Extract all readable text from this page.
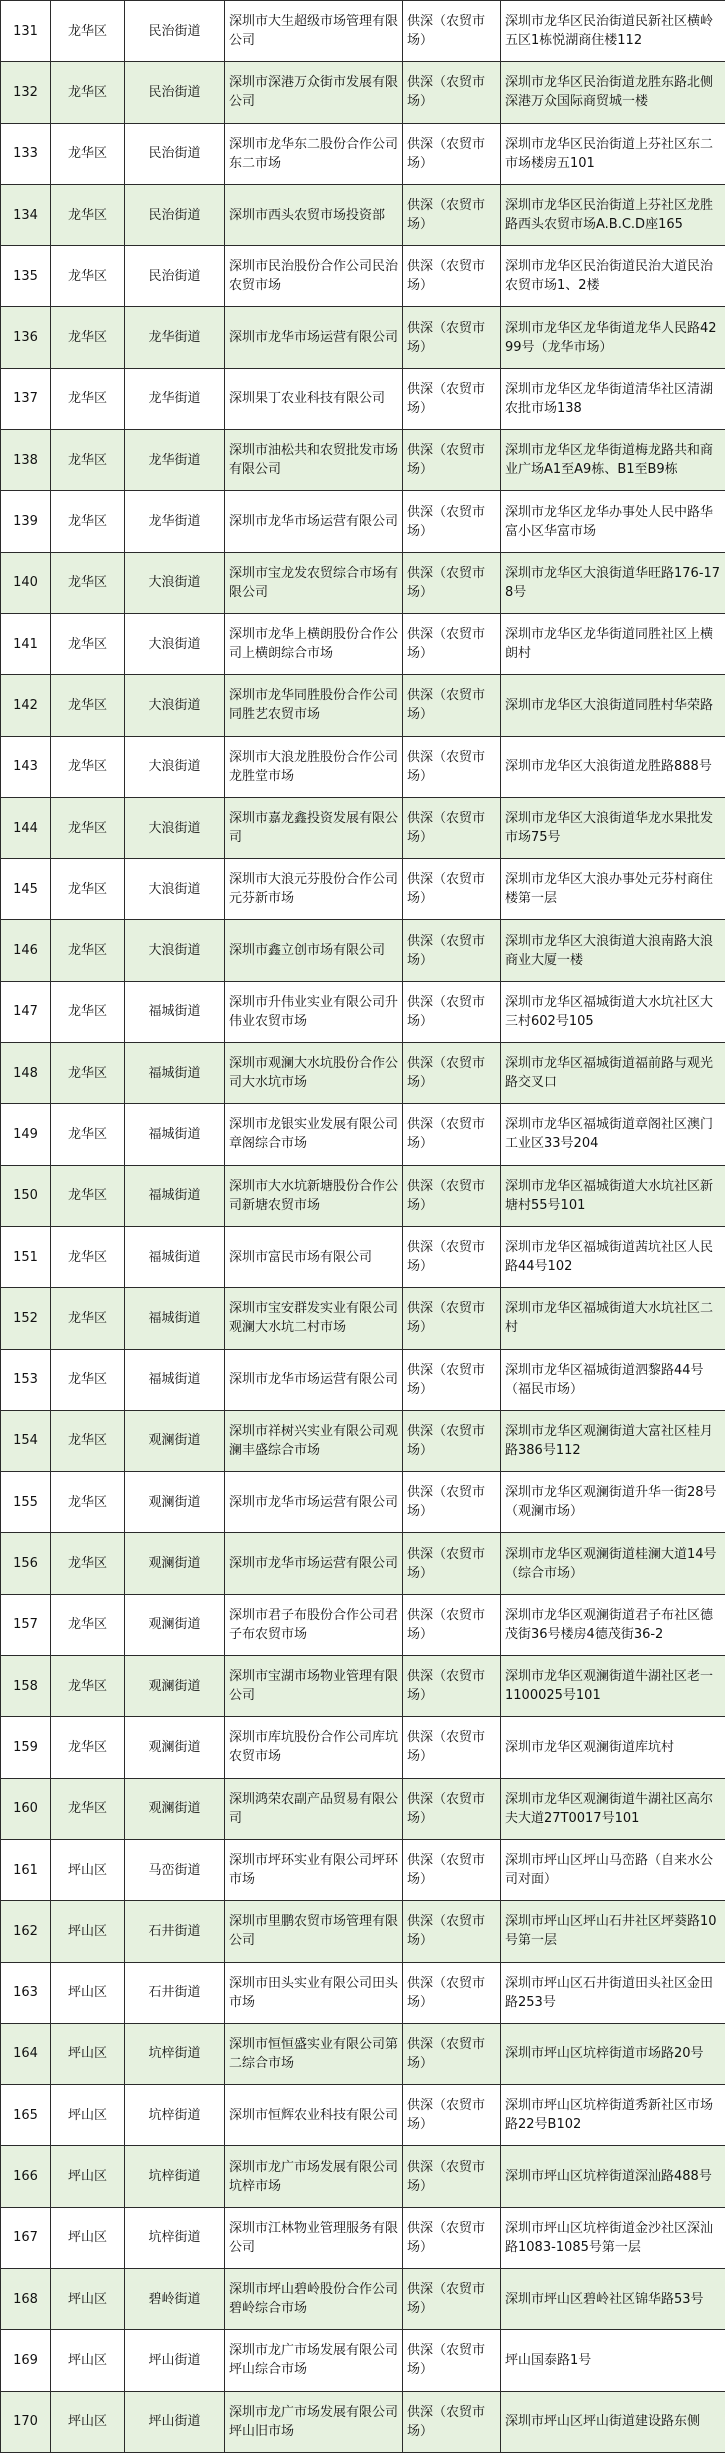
131	龙华区	民治街道	深圳市大生超级市场管理有限公司	供深（农贸市场）	深圳市龙华区民治街道民新社区横岭五区1栋悦湖商住楼112
132	龙华区	民治街道	深圳市深港万众街市发展有限公司	供深（农贸市场）	深圳市龙华区民治街道龙胜东路北侧深港万众国际商贸城一楼
133	龙华区	民治街道	深圳市龙华东二股份合作公司东二市场	供深（农贸市场）	深圳市龙华区民治街道上芬社区东二市场楼房五101
134	龙华区	民治街道	深圳市西头农贸市场投资部	供深（农贸市场）	深圳市龙华区民治街道上芬社区龙胜路西头农贸市场A.B.C.D座165
135	龙华区	民治街道	深圳市民治股份合作公司民治农贸市场	供深（农贸市场）	深圳市龙华区民治街道民治大道民治农贸市场1、2楼
136	龙华区	龙华街道	深圳市龙华市场运营有限公司	供深（农贸市场）	深圳市龙华区龙华街道龙华人民路4299号（龙华市场）
137	龙华区	龙华街道	深圳果丁农业科技有限公司	供深（农贸市场）	深圳市龙华区龙华街道清华社区清湖农批市场138
138	龙华区	龙华街道	深圳市油松共和农贸批发市场有限公司	供深（农贸市场）	深圳市龙华区龙华街道梅龙路共和商业广场A1至A9栋、B1至B9栋
139	龙华区	龙华街道	深圳市龙华市场运营有限公司	供深（农贸市场）	深圳市龙华区龙华办事处人民中路华富小区华富市场
140	龙华区	大浪街道	深圳市宝龙发农贸综合市场有限公司	供深（农贸市场）	深圳市龙华区大浪街道华旺路176-178号
141	龙华区	大浪街道	深圳市龙华上横朗股份合作公司上横朗综合市场	供深（农贸市场）	深圳市龙华区龙华街道同胜社区上横朗村
142	龙华区	大浪街道	深圳市龙华同胜股份合作公司同胜艺农贸市场	供深（农贸市场）	深圳市龙华区大浪街道同胜村华荣路
143	龙华区	大浪街道	深圳市大浪龙胜股份合作公司龙胜堂市场	供深（农贸市场）	深圳市龙华区大浪街道龙胜路888号
144	龙华区	大浪街道	深圳市嘉龙鑫投资发展有限公司	供深（农贸市场）	深圳市龙华区大浪街道华龙水果批发市场75号
145	龙华区	大浪街道	深圳市大浪元芬股份合作公司元芬新市场	供深（农贸市场）	深圳市龙华区大浪办事处元芬村商住楼第一层
146	龙华区	大浪街道	深圳市鑫立创市场有限公司	供深（农贸市场）	深圳市龙华区大浪街道大浪南路大浪商业大厦一楼
147	龙华区	福城街道	深圳市升伟业实业有限公司升伟业农贸市场	供深（农贸市场）	深圳市龙华区福城街道大水坑社区大三村602号105
148	龙华区	福城街道	深圳市观澜大水坑股份合作公司大水坑市场	供深（农贸市场）	深圳市龙华区福城街道福前路与观光路交叉口
149	龙华区	福城街道	深圳市龙银实业发展有限公司章阁综合市场	供深（农贸市场）	深圳市龙华区福城街道章阁社区澳门工业区33号204
150	龙华区	福城街道	深圳市大水坑新塘股份合作公司新塘农贸市场	供深（农贸市场）	深圳市龙华区福城街道大水坑社区新塘村55号101
151	龙华区	福城街道	深圳市富民市场有限公司	供深（农贸市场）	深圳市龙华区福城街道茜坑社区人民路44号102
152	龙华区	福城街道	深圳市宝安群发实业有限公司观澜大水坑二村市场	供深（农贸市场）	深圳市龙华区福城街道大水坑社区二村
153	龙华区	福城街道	深圳市龙华市场运营有限公司	供深（农贸市场）	深圳市龙华区福城街道泗黎路44号（福民市场）
154	龙华区	观澜街道	深圳市祥树兴实业有限公司观澜丰盛综合市场	供深（农贸市场）	深圳市龙华区观澜街道大富社区桂月路386号112
155	龙华区	观澜街道	深圳市龙华市场运营有限公司	供深（农贸市场）	深圳市龙华区观澜街道升华一街28号（观澜市场）
156	龙华区	观澜街道	深圳市龙华市场运营有限公司	供深（农贸市场）	深圳市龙华区观澜街道桂澜大道14号（综合市场）
157	龙华区	观澜街道	深圳市君子布股份合作公司君子布农贸市场	供深（农贸市场）	深圳市龙华区观澜街道君子布社区德茂街36号楼房4德茂街36-2
158	龙华区	观澜街道	深圳市宝湖市场物业管理有限公司	供深（农贸市场）	深圳市龙华区观澜街道牛湖社区老一1100025号101
159	龙华区	观澜街道	深圳市库坑股份合作公司库坑农贸市场	供深（农贸市场）	深圳市龙华区观澜街道库坑村
160	龙华区	观澜街道	深圳鸿荣农副产品贸易有限公司	供深（农贸市场）	深圳市龙华区观澜街道牛湖社区高尔夫大道27T0017号101
161	坪山区	马峦街道	深圳市坪环实业有限公司坪环市场	供深（农贸市场）	深圳市坪山区坪山马峦路（自来水公司对面）
162	坪山区	石井街道	深圳市里鹏农贸市场管理有限公司	供深（农贸市场）	深圳市坪山区坪山石井社区坪葵路10号第一层
163	坪山区	石井街道	深圳市田头实业有限公司田头市场	供深（农贸市场）	深圳市坪山区石井街道田头社区金田路253号
164	坪山区	坑梓街道	深圳市恒恒盛实业有限公司第二综合市场	供深（农贸市场）	深圳市坪山区坑梓街道市场路20号
165	坪山区	坑梓街道	深圳市恒辉农业科技有限公司	供深（农贸市场）	深圳市坪山区坑梓街道秀新社区市场路22号B102
166	坪山区	坑梓街道	深圳市龙广市场发展有限公司坑梓市场	供深（农贸市场）	深圳市坪山区坑梓街道深汕路488号
167	坪山区	坑梓街道	深圳市江林物业管理服务有限公司	供深（农贸市场）	深圳市坪山区坑梓街道金沙社区深汕路1083-1085号第一层
168	坪山区	碧岭街道	深圳市坪山碧岭股份合作公司碧岭综合市场	供深（农贸市场）	深圳市坪山区碧岭社区锦华路53号
169	坪山区	坪山街道	深圳市龙广市场发展有限公司坪山综合市场	供深（农贸市场）	坪山国泰路1号
170	坪山区	坪山街道	深圳市龙广市场发展有限公司坪山旧市场	供深（农贸市场）	深圳市坪山区坪山街道建设路东侧
